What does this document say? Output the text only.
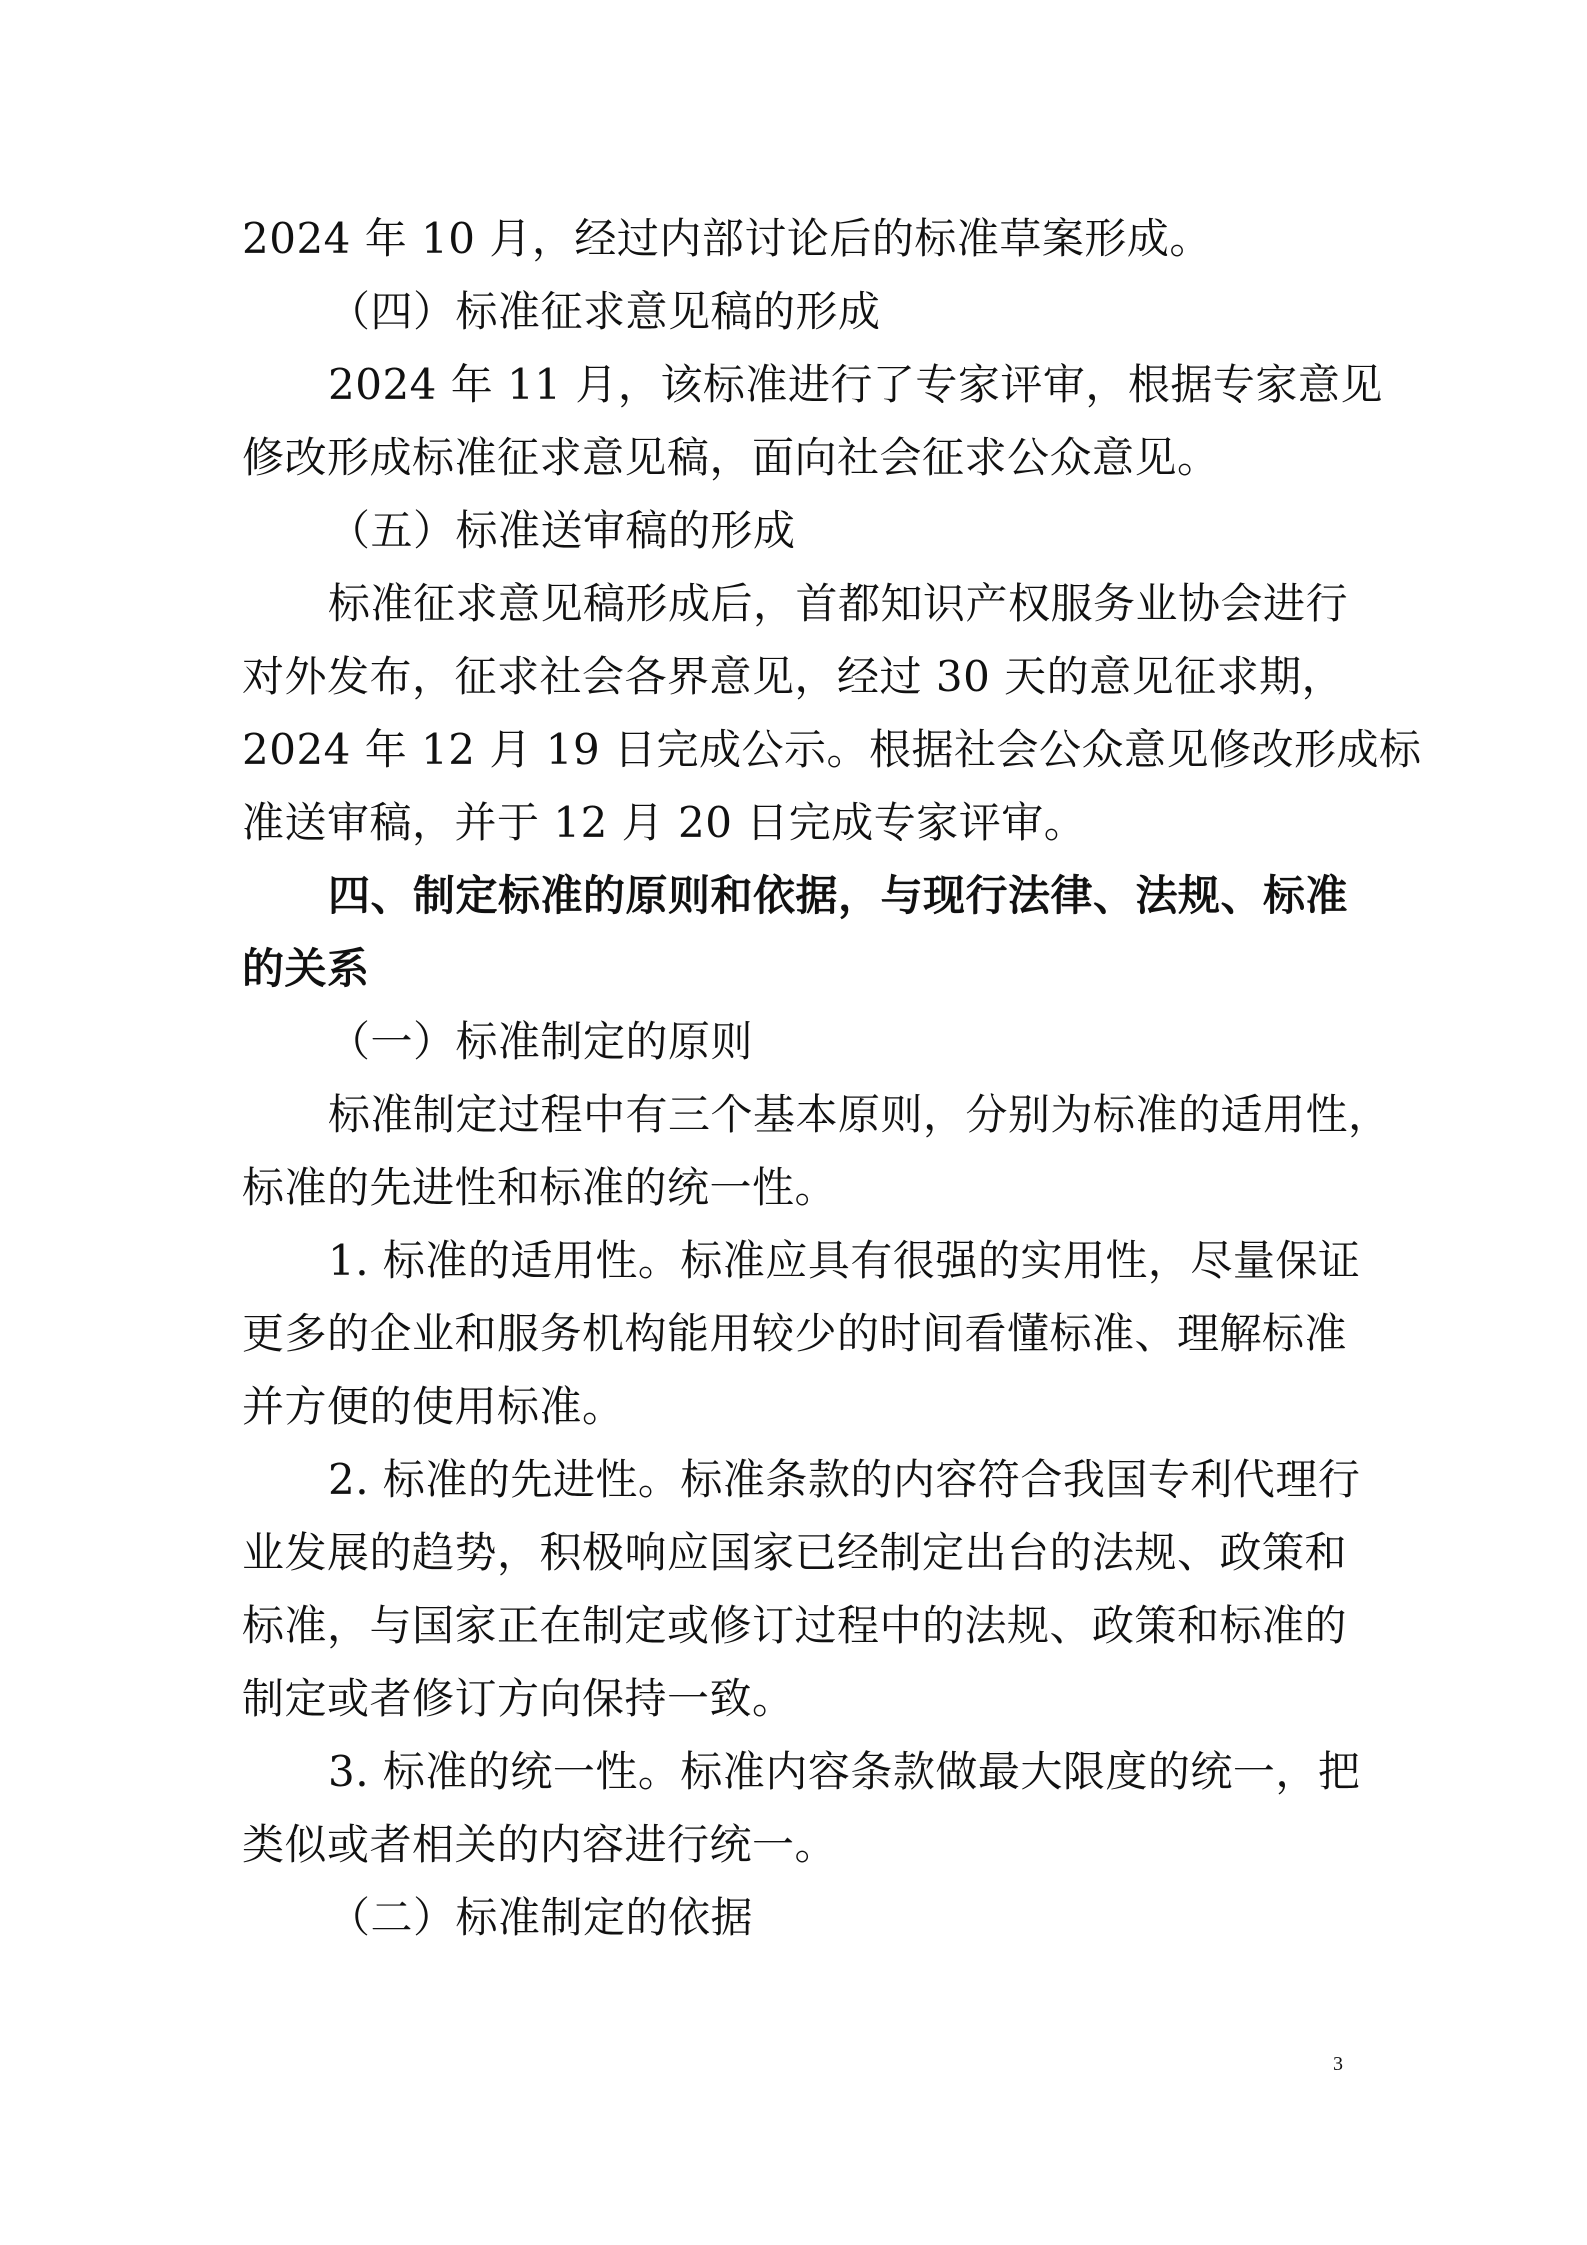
2024 年 10 月，经过内部讨论后的标准草案形成。
（四）标准征求意见稿的形成
2024 年 11 月，该标准进行了专家评审，根据专家意见
修改形成标准征求意见稿，面向社会征求公众意见。
（五）标准送审稿的形成
标准征求意见稿形成后，首都知识产权服务业协会进行
对外发布，征求社会各界意见，经过 30 天的意见征求期，
2024 年 12 月 19 日完成公示。根据社会公众意见修改形成标
准送审稿，并于 12 月 20 日完成专家评审。
四、制定标准的原则和依据，与现行法律、法规、标准
的关系
（一）标准制定的原则
标准制定过程中有三个基本原则，分别为标准的适用性，
标准的先进性和标准的统一性。
1. 标准的适用性。标准应具有很强的实用性，尽量保证
更多的企业和服务机构能用较少的时间看懂标准、理解标准
并方便的使用标准。
2. 标准的先进性。标准条款的内容符合我国专利代理行
业发展的趋势，积极响应国家已经制定出台的法规、政策和
标准，与国家正在制定或修订过程中的法规、政策和标准的
制定或者修订方向保持一致。
3. 标准的统一性。标准内容条款做最大限度的统一，把
类似或者相关的内容进行统一。
（二）标准制定的依据
3
